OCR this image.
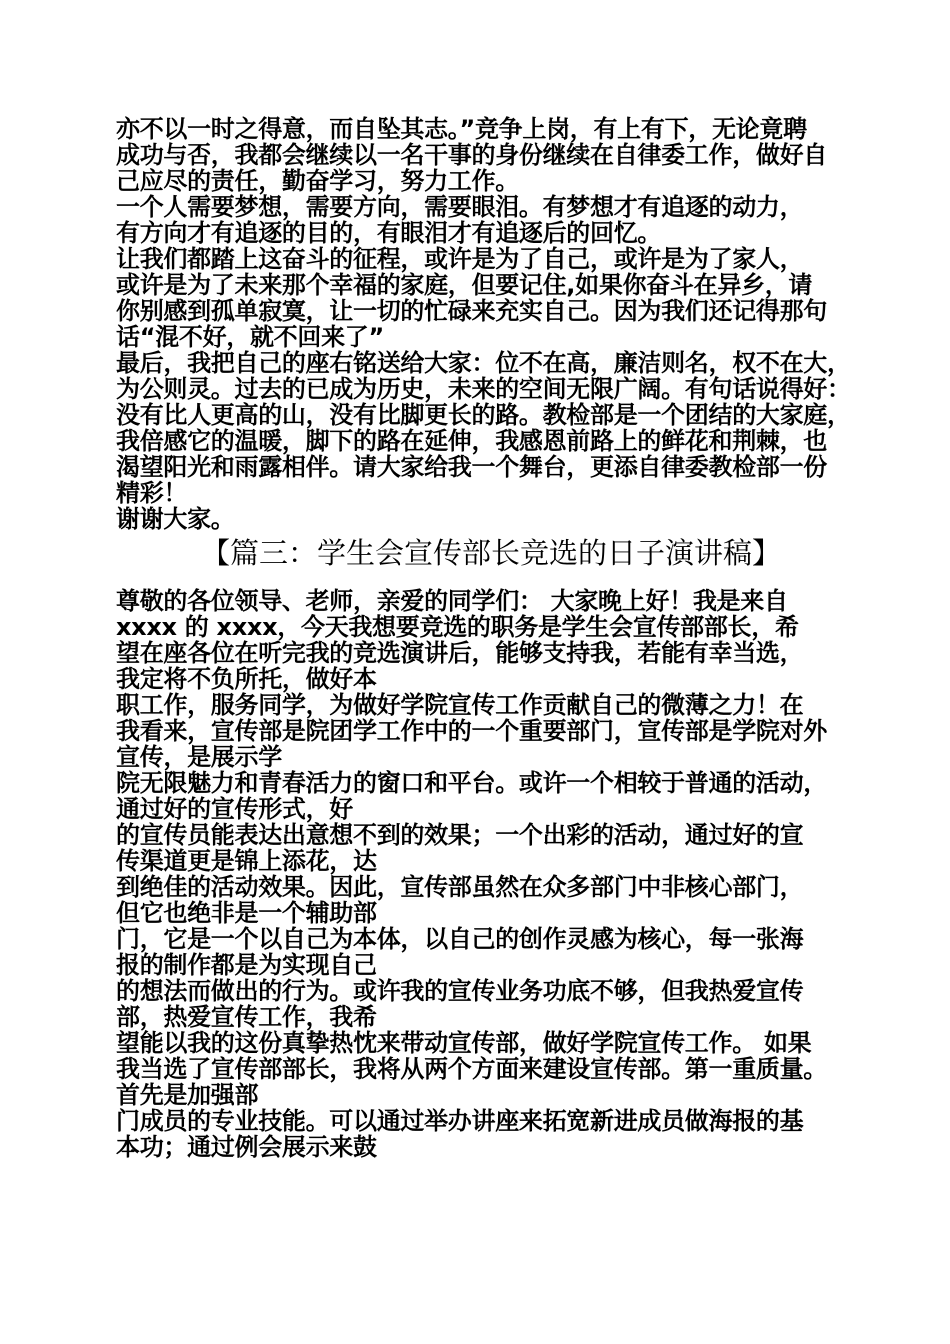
亦不以一时之得意，而自坠其志。”竞争上岗，有上有下，无论竟聘
成功与否，我都会继续以一名干事的身份继续在自律委工作，做好自
己应尽的责任，勤奋学习，努力工作。
一个人需要梦想，需要方向，需要眼泪。有梦想才有追逐的动力，
有方向才有追逐的目的，有眼泪才有追逐后的回忆。
让我们都踏上这奋斗的征程，或许是为了自己，或许是为了家人，
或许是为了未来那个幸福的家庭，但要记住,如果你奋斗在异乡，请
你别感到孤单寂寞，让一切的忙碌来充实自己。因为我们还记得那句
话“混不好，就不回来了”
最后，我把自己的座右铭送给大家：位不在高，廉洁则名，权不在大，
为公则灵。过去的已成为历史，未来的空间无限广阔。有句话说得好：
没有比人更高的山，没有比脚更长的路。教检部是一个团结的大家庭，
我倍感它的温暖，脚下的路在延伸，我感恩前路上的鲜花和荆棘，也
渴望阳光和雨露相伴。请大家给我一个舞台，更添自律委教检部一份
精彩！
谢谢大家。
【篇三：学生会宣传部长竞选的日子演讲稿】
尊敬的各位领导、老师，亲爱的同学们： 大家晚上好！我是来自
xxxx 的 xxxx，今天我想要竞选的职务是学生会宣传部部长，希
望在座各位在听完我的竞选演讲后，能够支持我，若能有幸当选，
我定将不负所托，做好本
职工作，服务同学，为做好学院宣传工作贡献自己的微薄之力！在
我看来，宣传部是院团学工作中的一个重要部门，宣传部是学院对外
宣传，是展示学
院无限魅力和青春活力的窗口和平台。或许一个相较于普通的活动，
通过好的宣传形式，好
的宣传员能表达出意想不到的效果；一个出彩的活动，通过好的宣
传渠道更是锦上添花，达
到绝佳的活动效果。因此，宣传部虽然在众多部门中非核心部门，
但它也绝非是一个辅助部
门，它是一个以自己为本体，以自己的创作灵感为核心，每一张海
报的制作都是为实现自己
的想法而做出的行为。或许我的宣传业务功底不够，但我热爱宣传
部，热爱宣传工作，我希
望能以我的这份真挚热忱来带动宣传部，做好学院宣传工作。 如果
我当选了宣传部部长，我将从两个方面来建设宣传部。第一重质量。
首先是加强部
门成员的专业技能。可以通过举办讲座来拓宽新进成员做海报的基
本功；通过例会展示来鼓
